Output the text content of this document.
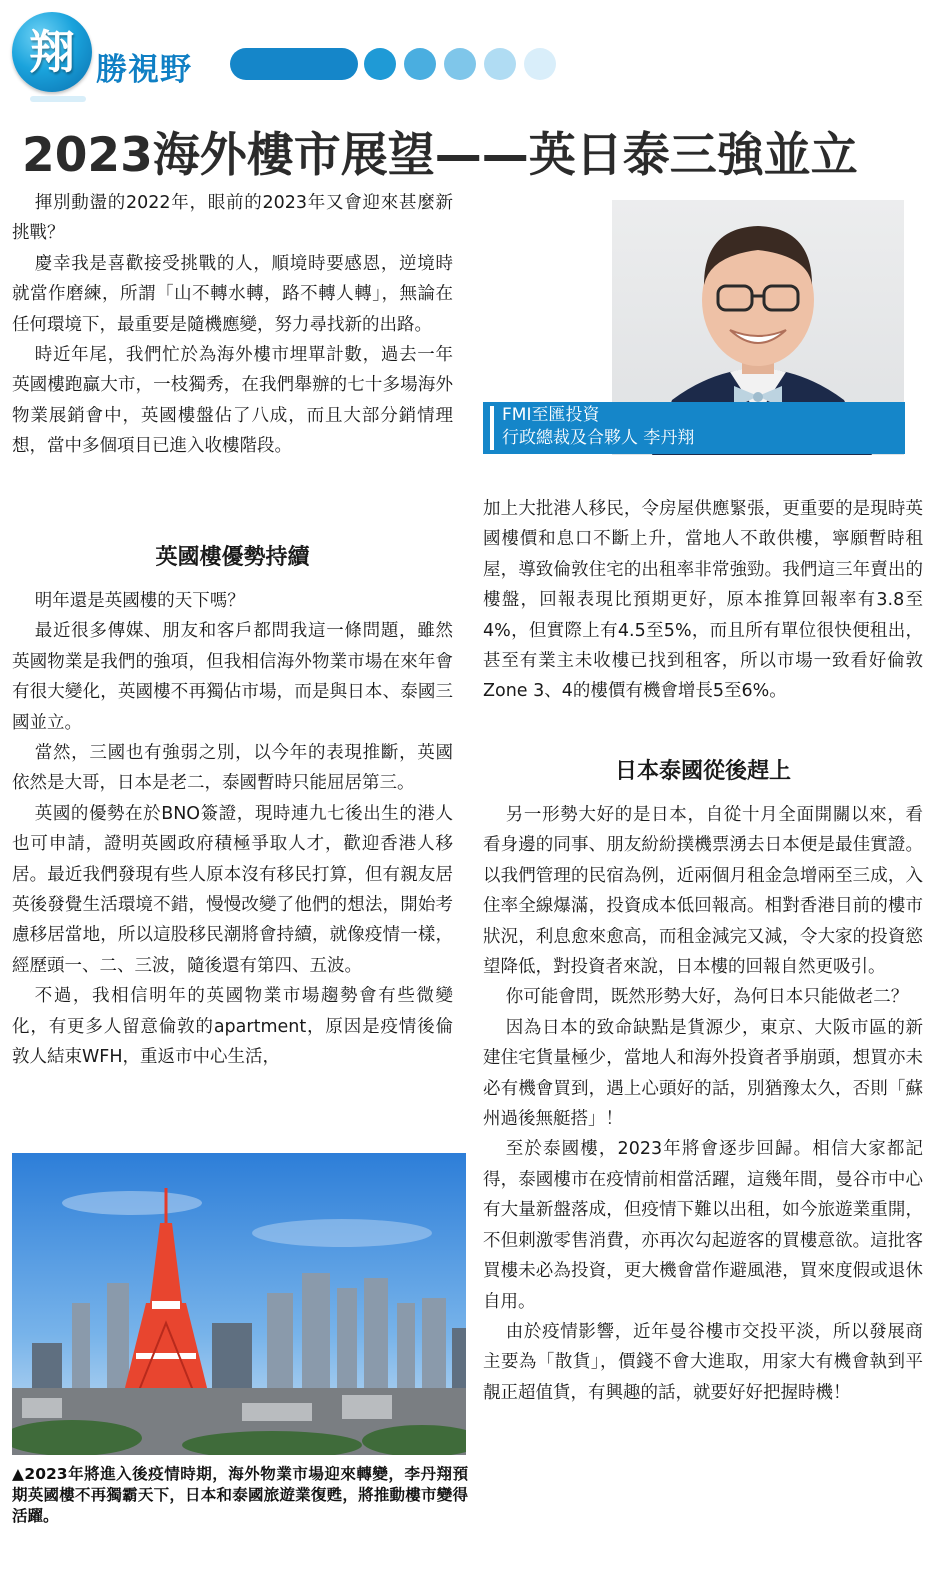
翔 勝視野
2023海外樓市展望——英日泰三強並立

揮別動盪的2022年，眼前的2023年又會迎來甚麼新挑戰？

慶幸我是喜歡接受挑戰的人，順境時要感恩，逆境時就當作磨練，所謂「山不轉水轉，路不轉人轉」，無論在任何環境下，最重要是隨機應變，努力尋找新的出路。

時近年尾，我們忙於為海外樓市埋單計數，過去一年英國樓跑贏大市，一枝獨秀，在我們舉辦的七十多場海外物業展銷會中，英國樓盤佔了八成，而且大部分銷情理想，當中多個項目已進入收樓階段。

英國樓優勢持續

明年還是英國樓的天下嗎？

最近很多傳媒、朋友和客戶都問我這一條問題，雖然英國物業是我們的強項，但我相信海外物業市場在來年會有很大變化，英國樓不再獨佔市場，而是與日本、泰國三國並立。

當然，三國也有強弱之別，以今年的表現推斷，英國依然是大哥，日本是老二，泰國暫時只能屈居第三。

英國的優勢在於BNO簽證，現時連九七後出生的港人也可申請，證明英國政府積極爭取人才，歡迎香港人移居。最近我們發現有些人原本沒有移民打算，但有親友居英後發覺生活環境不錯，慢慢改變了他們的想法，開始考慮移居當地，所以這股移民潮將會持續，就像疫情一樣，經歷頭一、二、三波，隨後還有第四、五波。

不過，我相信明年的英國物業市場趨勢會有些微變化，有更多人留意倫敦的apartment，原因是疫情後倫敦人結束WFH，重返市中心生活，

FMI至匯投資
行政總裁及合夥人 李丹翔

加上大批港人移民，令房屋供應緊張，更重要的是現時英國樓價和息口不斷上升，當地人不敢供樓，寧願暫時租屋，導致倫敦住宅的出租率非常強勁。我們這三年賣出的樓盤，回報表現比預期更好，原本推算回報率有3.8至4%，但實際上有4.5至5%，而且所有單位很快便租出，甚至有業主未收樓已找到租客，所以市場一致看好倫敦Zone 3、4的樓價有機會增長5至6%。

日本泰國從後趕上

另一形勢大好的是日本，自從十月全面開關以來，看看身邊的同事、朋友紛紛撲機票湧去日本便是最佳實證。以我們管理的民宿為例，近兩個月租金急增兩至三成，入住率全線爆滿，投資成本低回報高。相對香港目前的樓市狀況，利息愈來愈高，而租金減完又減，令大家的投資慾望降低，對投資者來說，日本樓的回報自然更吸引。

你可能會問，既然形勢大好，為何日本只能做老二？

因為日本的致命缺點是貨源少，東京、大阪市區的新建住宅貨量極少，當地人和海外投資者爭崩頭，想買亦未必有機會買到，遇上心頭好的話，別猶豫太久，否則「蘇州過後無艇搭」！

至於泰國樓，2023年將會逐步回歸。相信大家都記得，泰國樓市在疫情前相當活躍，這幾年間，曼谷市中心有大量新盤落成，但疫情下難以出租，如今旅遊業重開，不但刺激零售消費，亦再次勾起遊客的買樓意欲。這批客買樓未必為投資，更大機會當作避風港，買來度假或退休自用。

由於疫情影響，近年曼谷樓市交投平淡，所以發展商主要為「散貨」，價錢不會大進取，用家大有機會執到平靚正超值貨，有興趣的話，就要好好把握時機！

▲2023年將進入後疫情時期，海外物業市場迎來轉變，李丹翔預期英國樓不再獨霸天下，日本和泰國旅遊業復甦，將推動樓市變得活躍。
